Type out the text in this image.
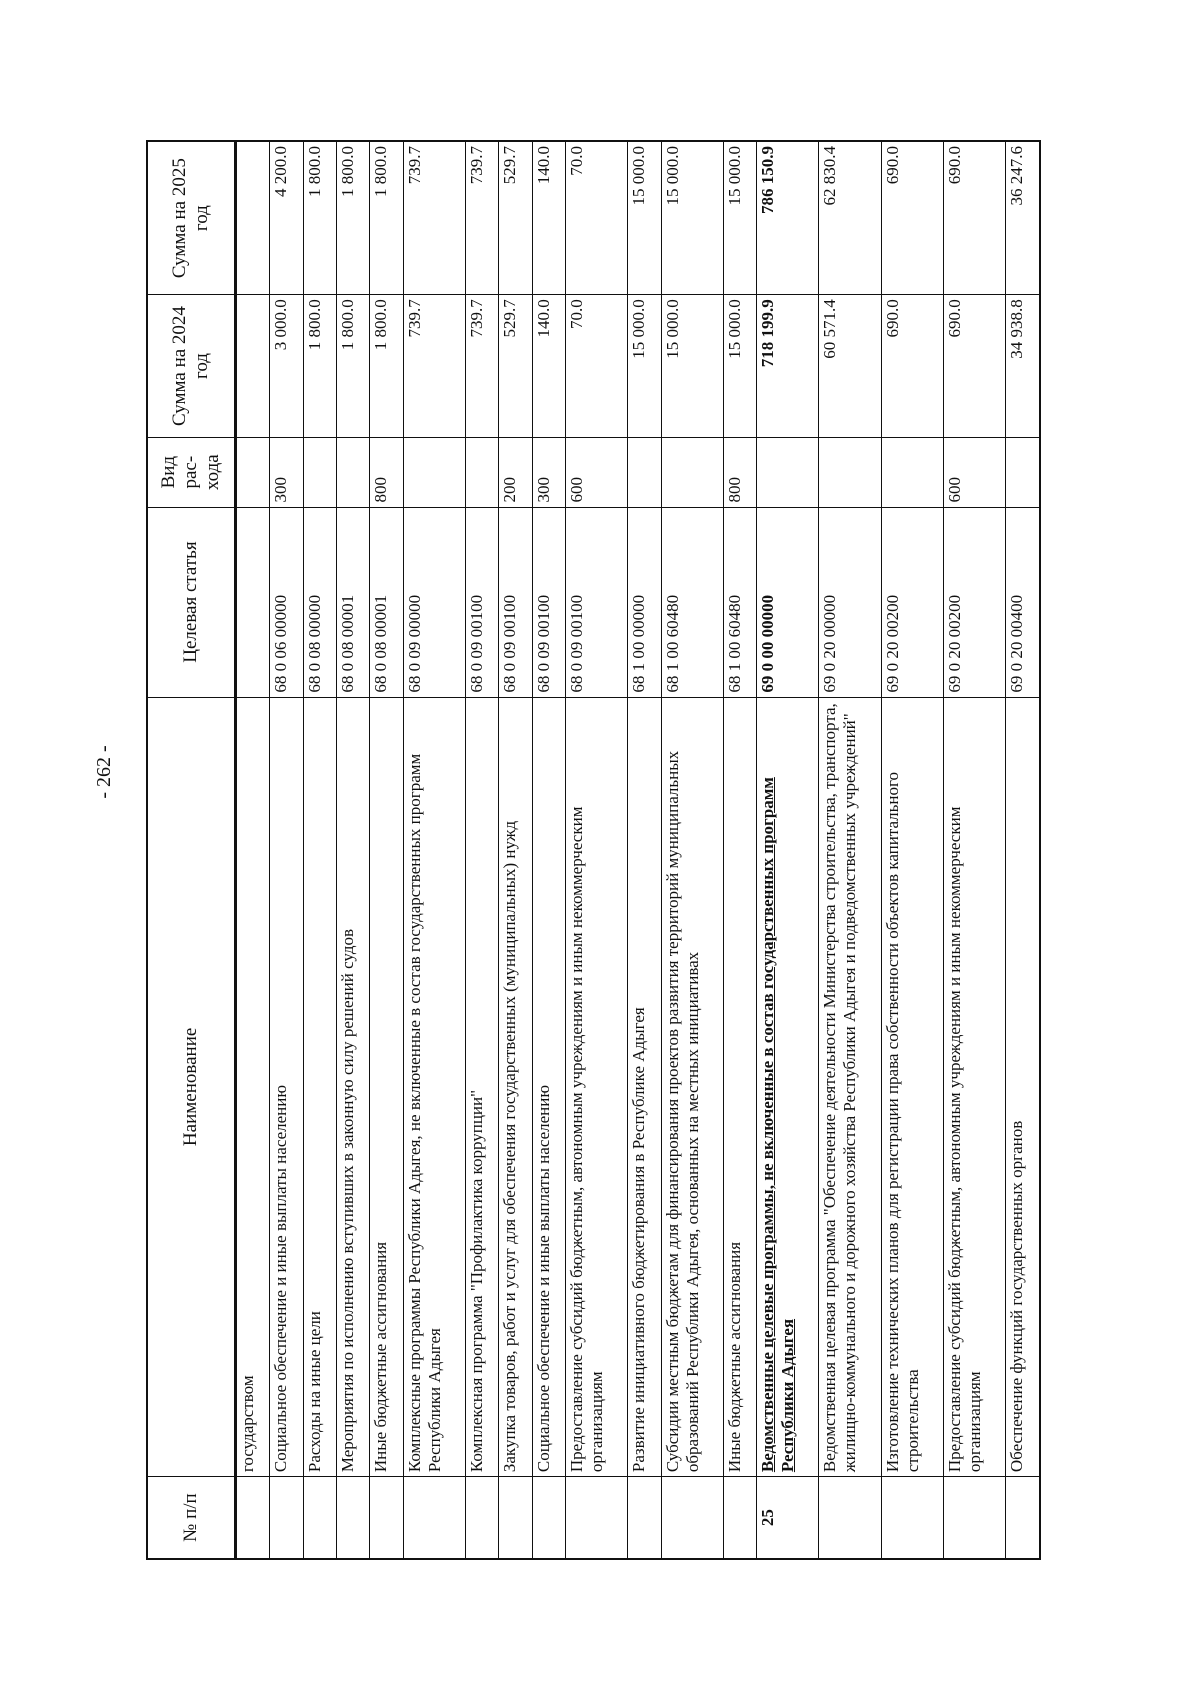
- 262 -
№ п/п	Наименование	Целевая статья	Вид рас-хода	Сумма на 2024 год	Сумма на 2025 год
	государством				
	Социальное обеспечение и иные выплаты населению	68 0 06 00000	300	3 000.0	4 200.0
	Расходы на иные цели	68 0 08 00000		1 800.0	1 800.0
	Мероприятия по исполнению вступивших в законную силу решений судов	68 0 08 00001		1 800.0	1 800.0
	Иные бюджетные ассигнования	68 0 08 00001	800	1 800.0	1 800.0
	Комплексные программы Республики Адыгея, не включенные в состав государственных программ Республики Адыгея	68 0 09 00000		739.7	739.7
	Комплексная программа "Профилактика коррупции"	68 0 09 00100		739.7	739.7
	Закупка товаров, работ и услуг для обеспечения государственных (муниципальных) нужд	68 0 09 00100	200	529.7	529.7
	Социальное обеспечение и иные выплаты населению	68 0 09 00100	300	140.0	140.0
	Предоставление субсидий бюджетным, автономным учреждениям и иным некоммерческим организациям	68 0 09 00100	600	70.0	70.0
	Развитие инициативного бюджетирования в Республике Адыгея	68 1 00 00000		15 000.0	15 000.0
	Субсидии местным бюджетам для финансирования проектов развития территорий муниципальных образований Республики Адыгея, основанных на местных инициативах	68 1 00 60480		15 000.0	15 000.0
	Иные бюджетные ассигнования	68 1 00 60480	800	15 000.0	15 000.0
25	Ведомственные целевые программы, не включенные в состав государственных программ Республики Адыгея	69 0 00 00000		718 199.9	786 150.9
	Ведомственная целевая программа "Обеспечение деятельности Министерства строительства, транспорта, жилищно-коммунального и дорожного хозяйства Республики Адыгея и подведомственных учреждений"	69 0 20 00000		60 571.4	62 830.4
	Изготовление технических планов для регистрации права собственности объектов капитального строительства	69 0 20 00200		690.0	690.0
	Предоставление субсидий бюджетным, автономным учреждениям и иным некоммерческим организациям	69 0 20 00200	600	690.0	690.0
	Обеспечение функций государственных органов	69 0 20 00400		34 938.8	36 247.6
